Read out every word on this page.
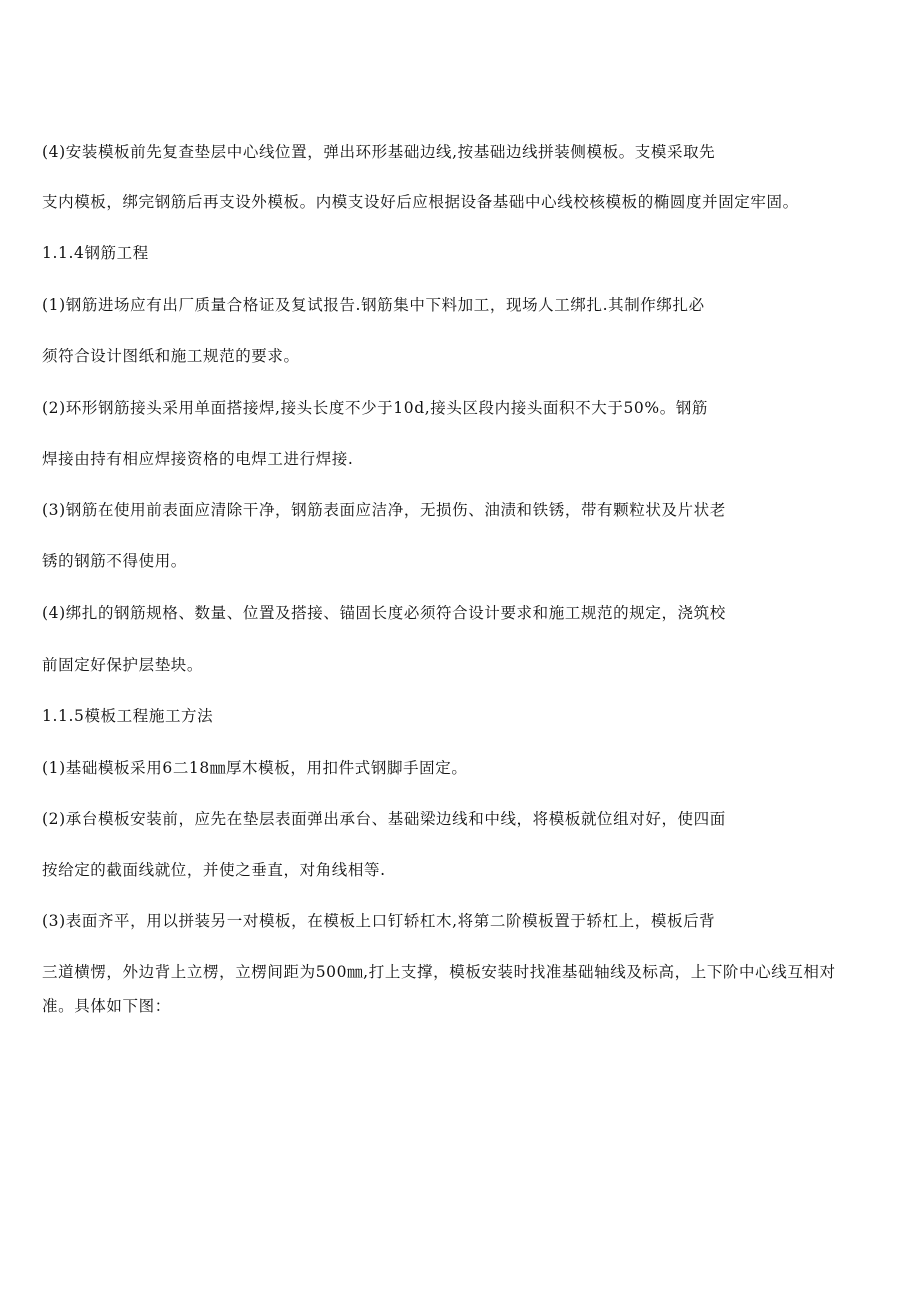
(4)安装模板前先复查垫层中心线位置，弹出环形基础边线,按基础边线拼装侧模板。支模采取先
支内模板，绑完钢筋后再支设外模板。内模支设好后应根据设备基础中心线校核模板的椭圆度并固定牢固。
1.1.4钢筋工程
(1)钢筋进场应有出厂质量合格证及复试报告.钢筋集中下料加工，现场人工绑扎.其制作绑扎必
须符合设计图纸和施工规范的要求。
(2)环形钢筋接头采用单面搭接焊,接头长度不少于10d,接头区段内接头面积不大于50%。钢筋
焊接由持有相应焊接资格的电焊工进行焊接.
(3)钢筋在使用前表面应清除干净，钢筋表面应洁净，无损伤、油渍和铁锈，带有颗粒状及片状老
锈的钢筋不得使用。
(4)绑扎的钢筋规格、数量、位置及搭接、锚固长度必须符合设计要求和施工规范的规定，浇筑校
前固定好保护层垫块。
1.1.5模板工程施工方法
(1)基础模板采用6二18㎜厚木模板，用扣件式钢脚手固定。
(2)承台模板安装前，应先在垫层表面弹出承台、基础梁边线和中线，将模板就位组对好，使四面
按给定的截面线就位，并使之垂直，对角线相等.
(3)表面齐平，用以拼装另一对模板，在模板上口钉轿杠木,将第二阶模板置于轿杠上，模板后背
三道横愣，外边背上立楞，立楞间距为500㎜,打上支撑，模板安装时找准基础轴线及标高，上下阶中心线互相对
准。具体如下图：
